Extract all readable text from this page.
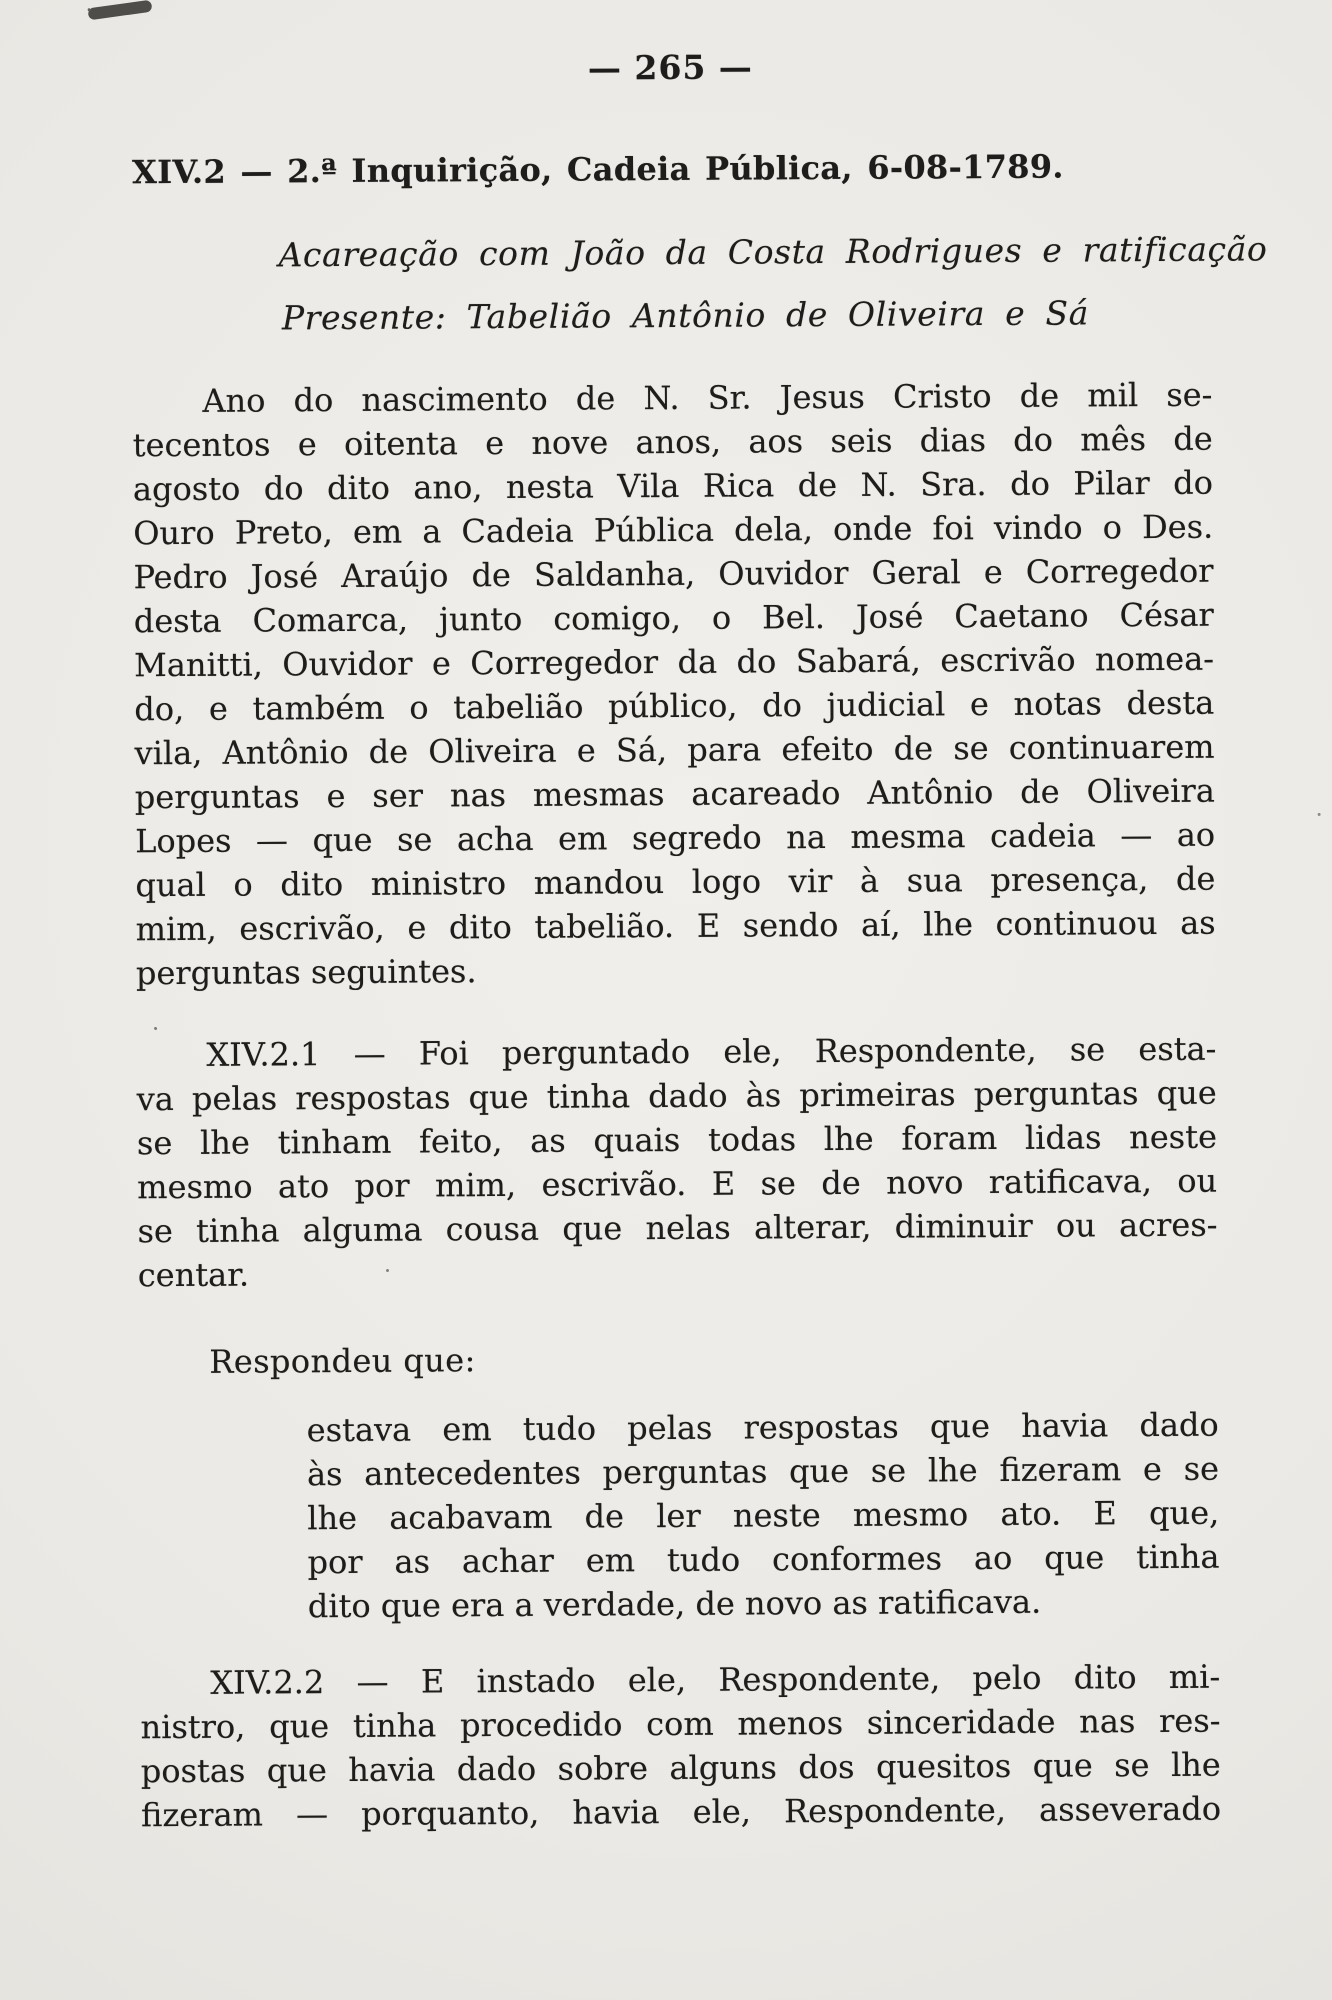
— 265 —
XIV.2 — 2.ª Inquirição, Cadeia Pública, 6-08-1789.
Acareação com João da Costa Rodrigues e ratificação
Presente: Tabelião Antônio de Oliveira e Sá
Ano do nascimento de N. Sr. Jesus Cristo de mil se-
tecentos e oitenta e nove anos, aos seis dias do mês de
agosto do dito ano, nesta Vila Rica de N. Sra. do Pilar do
Ouro Preto, em a Cadeia Pública dela, onde foi vindo o Des.
Pedro José Araújo de Saldanha, Ouvidor Geral e Corregedor
desta Comarca, junto comigo, o Bel. José Caetano César
Manitti, Ouvidor e Corregedor da do Sabará, escrivão nomea-
do, e também o tabelião público, do judicial e notas desta
vila, Antônio de Oliveira e Sá, para efeito de se continuarem
perguntas e ser nas mesmas acareado Antônio de Oliveira
Lopes — que se acha em segredo na mesma cadeia — ao
qual o dito ministro mandou logo vir à sua presença, de
mim, escrivão, e dito tabelião. E sendo aí, lhe continuou as
perguntas seguintes.
XIV.2.1 — Foi perguntado ele, Respondente, se esta-
va pelas respostas que tinha dado às primeiras perguntas que
se lhe tinham feito, as quais todas lhe foram lidas neste
mesmo ato por mim, escrivão. E se de novo ratificava, ou
se tinha alguma cousa que nelas alterar, diminuir ou acres-
centar.
Respondeu que:
estava em tudo pelas respostas que havia dado
às antecedentes perguntas que se lhe fizeram e se
lhe acabavam de ler neste mesmo ato. E que,
por as achar em tudo conformes ao que tinha
dito que era a verdade, de novo as ratificava.
XIV.2.2 — E instado ele, Respondente, pelo dito mi-
nistro, que tinha procedido com menos sinceridade nas res-
postas que havia dado sobre alguns dos quesitos que se lhe
fizeram — porquanto, havia ele, Respondente, asseverado
